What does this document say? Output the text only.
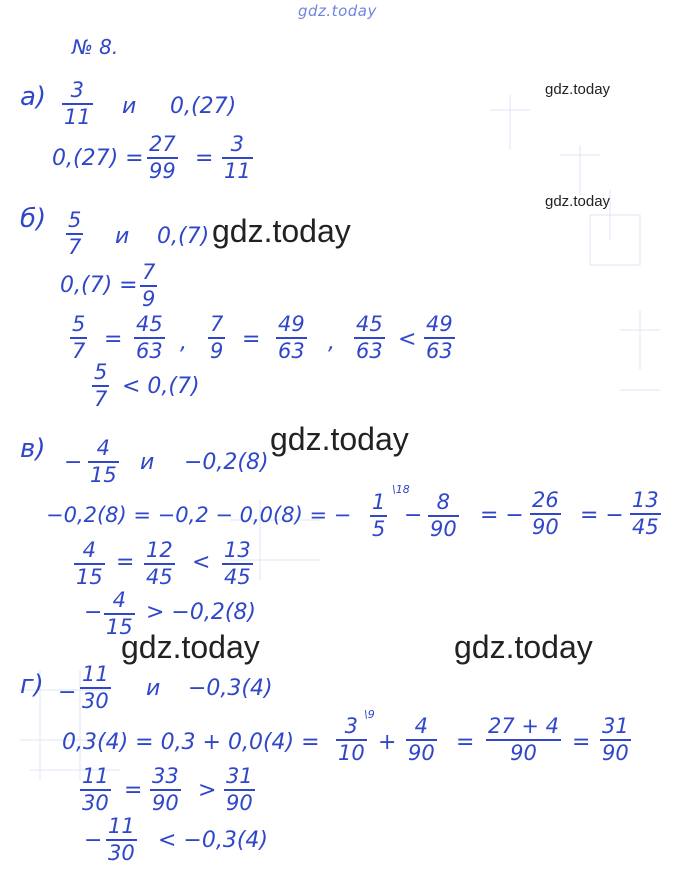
gdz.today
gdz.today
gdz.today
gdz.today
gdz.today
gdz.today	gdz.today
№ 8.
а) 3
11 и 0,(27)
0,(27) =
27
99 =
3
11
б) 5
7 и 0,(7)
0,(7) =
7
9
5
7 =
45
63 ,
7
9 =
49
63 ,
45
63 <
49
63
5
7 < 0,(7)
в) −
4
15 и −0,2(8)
−0,2(8) = −0,2 − 0,0(8) = −
1
5
\18
−
8
90
= −
26
90 = −
13
45
4
15
= 12
45
< 13
45
− 4
15
> −0,2(8)
г) −
11
30 и −0,3(4)
0,3(4) = 0,3 + 0,0(4) =
3
10
\9
+
4
90 =
27 + 4
90 =
31
90
11
30 =
33
90 >
31
90
−
11
30 < −0,3(4)
